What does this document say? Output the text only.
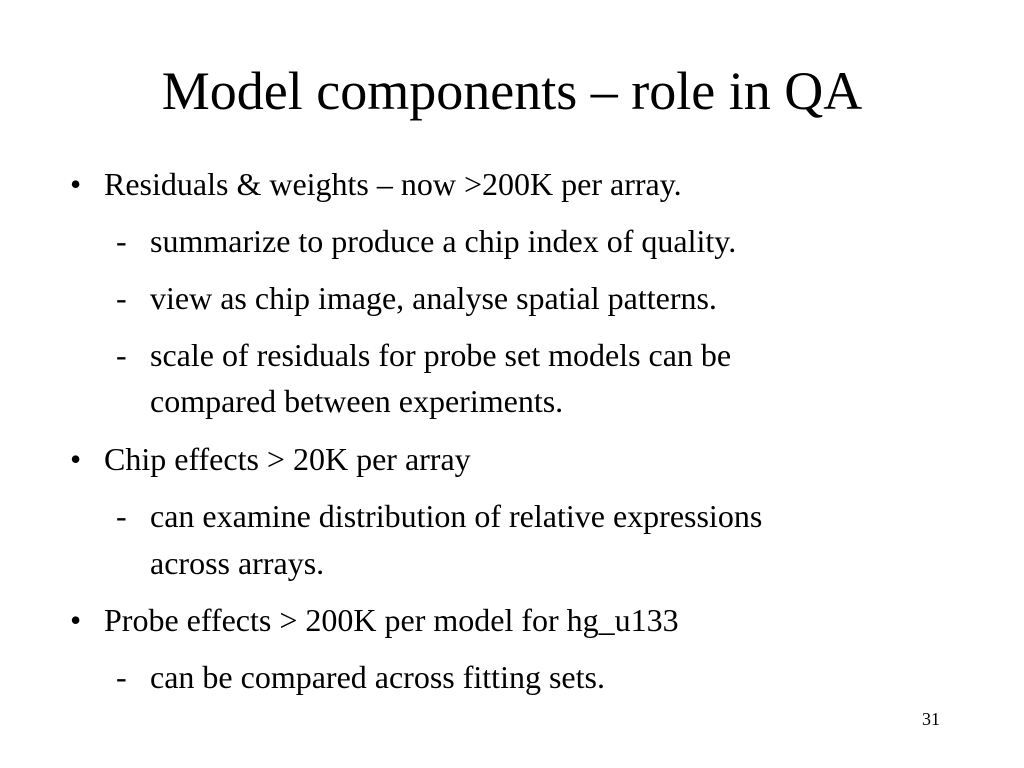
Model components – role in QA
• Residuals & weights – now >200K per array.
- summarize to produce a chip index of quality.
- view as chip image, analyse spatial patterns.
- scale of residuals for probe set models can be
compared between experiments.
• Chip effects > 20K per array
- can examine distribution of relative expressions
across arrays.
• Probe effects > 200K per model for hg_u133
- can be compared across fitting sets.
31
